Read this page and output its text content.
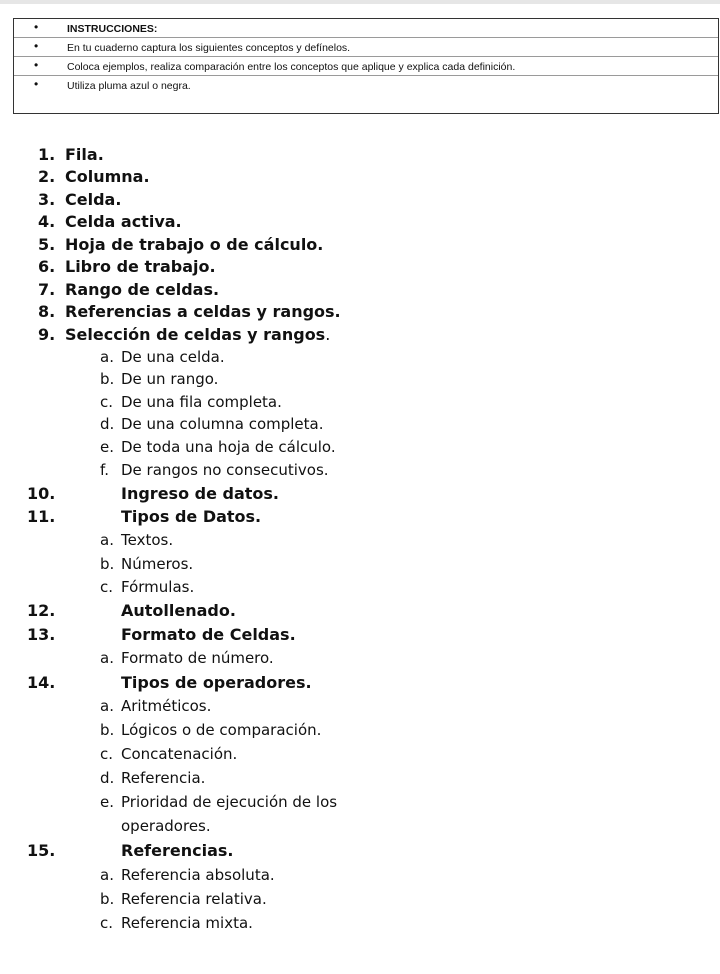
•	INSTRUCCIONES:
•	En tu cuaderno captura los siguientes conceptos y defínelos.
•	Coloca ejemplos, realiza comparación entre los conceptos que aplique y explica cada definición.
•	Utiliza pluma azul o negra.
1. Fila.
2. Columna.
3. Celda.
4. Celda activa.
5. Hoja de trabajo o de cálculo.
6. Libro de trabajo.
7. Rango de celdas.
8. Referencias a celdas y rangos.
9. Selección de celdas y rangos.
a. De una celda.
b. De un rango.
c. De una fila completa.
d. De una columna completa.
e. De toda una hoja de cálculo.
f. De rangos no consecutivos.
10.	Ingreso de datos.
11.	Tipos de Datos.
a. Textos.
b. Números.
c. Fórmulas.
12.	Autollenado.
13.	Formato de Celdas.
a. Formato de número.
14.	Tipos de operadores.
a. Aritméticos.
b. Lógicos o de comparación.
c. Concatenación.
d. Referencia.
e. Prioridad de ejecución de los
operadores.
15.	Referencias.
a. Referencia absoluta.
b. Referencia relativa.
c. Referencia mixta.
